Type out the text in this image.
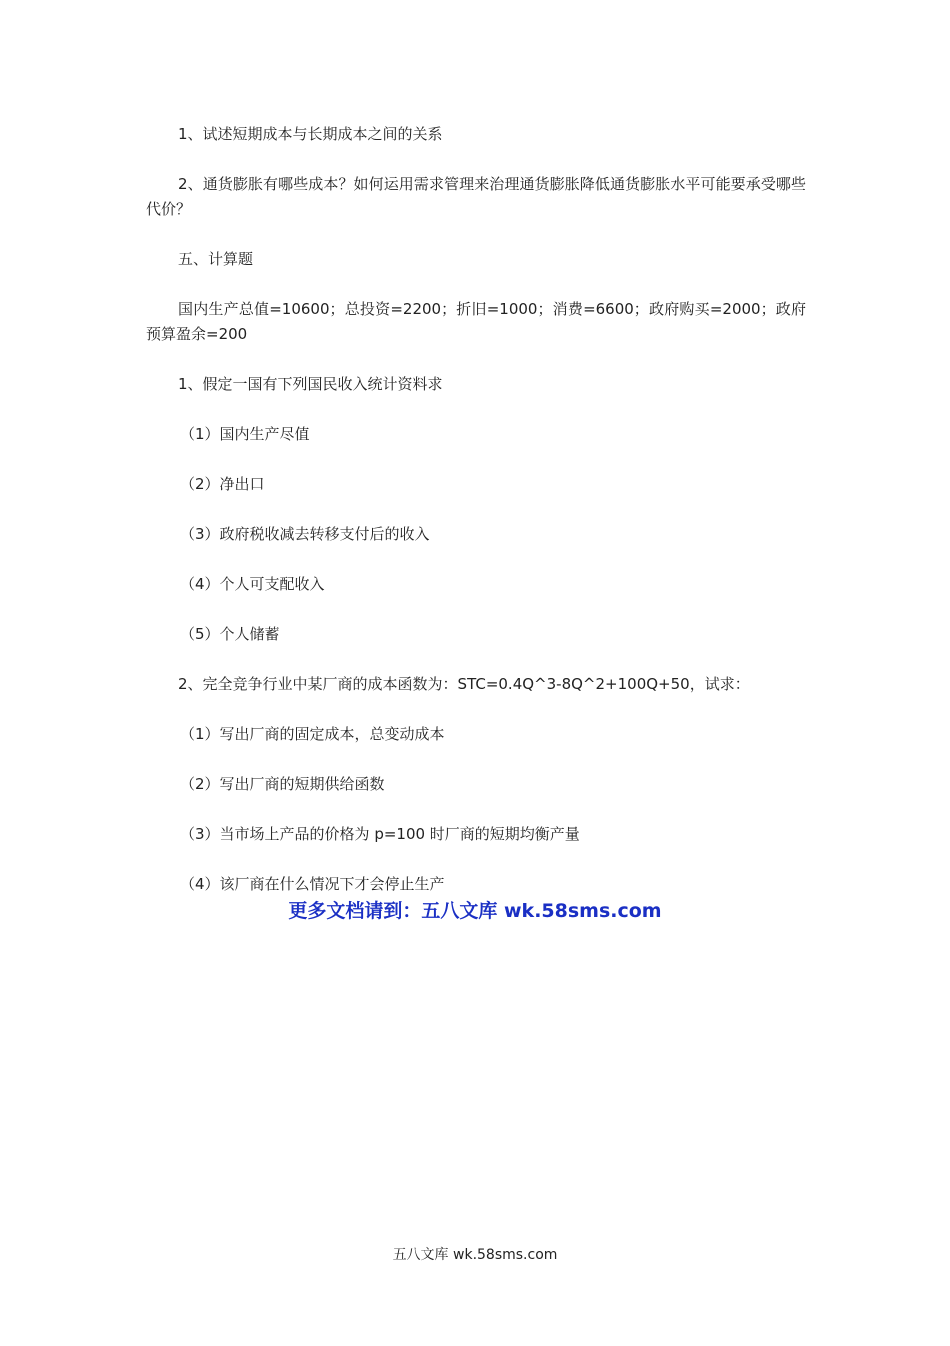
1、试述短期成本与长期成本之间的关系
2、通货膨胀有哪些成本？如何运用需求管理来治理通货膨胀降低通货膨胀水平可能要承受哪些代价？
五、计算题
国内生产总值=10600；总投资=2200；折旧=1000；消费=6600；政府购买=2000；政府预算盈余=200
1、假定一国有下列国民收入统计资料求
（1）国内生产尽值
（2）净出口
（3）政府税收减去转移支付后的收入
（4）个人可支配收入
（5）个人储蓄
2、完全竞争行业中某厂商的成本函数为：STC=0.4Q^3-8Q^2+100Q+50，试求：
（1）写出厂商的固定成本，总变动成本
（2）写出厂商的短期供给函数
（3）当市场上产品的价格为 p=100 时厂商的短期均衡产量
（4）该厂商在什么情况下才会停止生产
更多文档请到：五八文库 wk.58sms.com
五八文库 wk.58sms.com
